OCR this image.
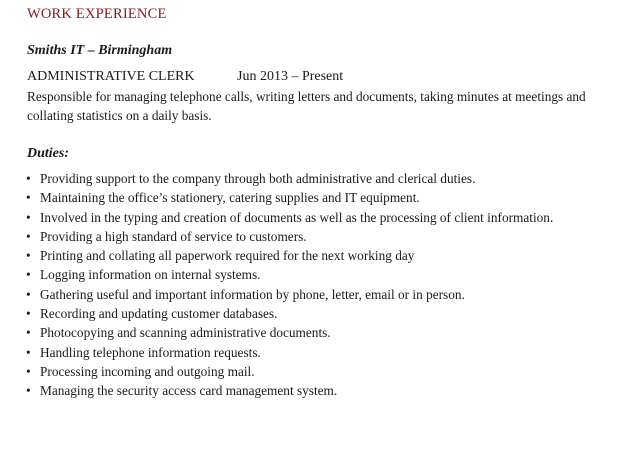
WORK EXPERIENCE
Smiths IT – Birmingham
ADMINISTRATIVE CLERK	Jun 2013 – Present
Responsible for managing telephone calls, writing letters and documents, taking minutes at meetings and collating statistics on a daily basis.
Duties:
• Providing support to the company through both administrative and clerical duties.
• Maintaining the office’s stationery, catering supplies and IT equipment.
• Involved in the typing and creation of documents as well as the processing of client information.
• Providing a high standard of service to customers.
• Printing and collating all paperwork required for the next working day
• Logging information on internal systems.
• Gathering useful and important information by phone, letter, email or in person.
• Recording and updating customer databases.
• Photocopying and scanning administrative documents.
• Handling telephone information requests.
• Processing incoming and outgoing mail.
• Managing the security access card management system.
